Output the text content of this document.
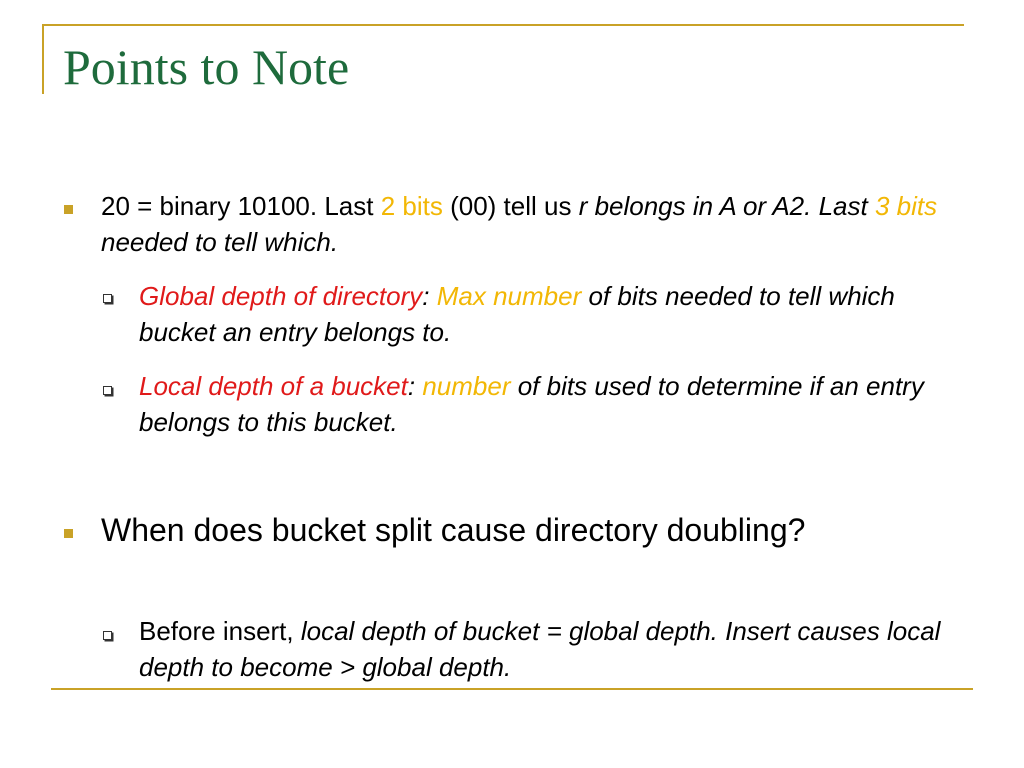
Points to Note
20 = binary 10100. Last 2 bits (00) tell us r belongs in A or A2. Last 3 bits needed to tell which.
Global depth of directory: Max number of bits needed to tell which bucket an entry belongs to.
Local depth of a bucket: number of bits used to determine if an entry belongs to this bucket.
When does bucket split cause directory doubling?
Before insert, local depth of bucket = global depth. Insert causes local depth to become > global depth.
